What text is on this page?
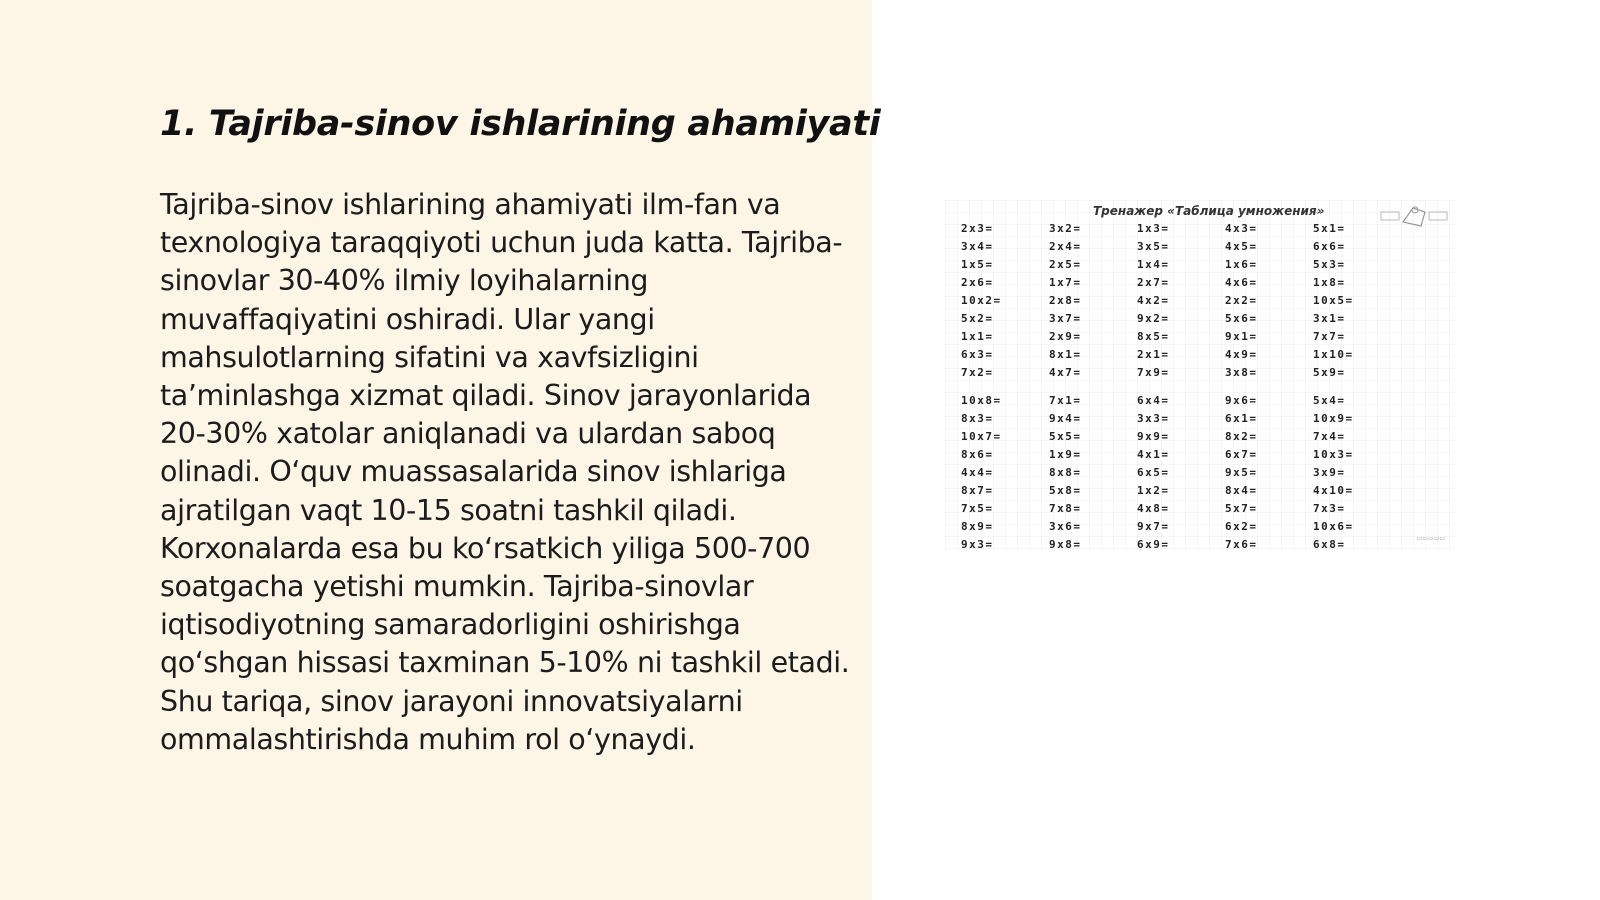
1. Tajriba-sinov ishlarining ahamiyati

Tajriba-sinov ishlarining ahamiyati ilm-fan va texnologiya taraqqiyoti uchun juda katta. Tajriba-sinovlar 30-40% ilmiy loyihalarning muvaffaqiyatini oshiradi. Ular yangi mahsulotlarning sifatini va xavfsizligini ta’minlashga xizmat qiladi. Sinov jarayonlarida 20-30% xatolar aniqlanadi va ulardan saboq olinadi. O‘quv muassasalarida sinov ishlariga ajratilgan vaqt 10-15 soatni tashkil qiladi. Korxonalarda esa bu ko‘rsatkich yiliga 500-700 soatgacha yetishi mumkin. Tajriba-sinovlar iqtisodiyotning samaradorligini oshirishga qo‘shgan hissasi taxminan 5-10% ni tashkil etadi. Shu tariqa, sinov jarayoni innovatsiyalarni ommalashtirishda muhim rol o‘ynaydi.

Тренажер «Таблица умножения»
2x3=
3x4=
1x5=
2x6=
10x2=
5x2=
1x1=
6x3=
7x2=
10x8=
8x3=
10x7=
8x6=
4x4=
8x7=
7x5=
8x9=
9x3=
3x2=
2x4=
2x5=
1x7=
2x8=
3x7=
2x9=
8x1=
4x7=
7x1=
9x4=
5x5=
1x9=
8x8=
5x8=
7x8=
3x6=
9x8=
1x3=
3x5=
1x4=
2x7=
4x2=
9x2=
8x5=
2x1=
7x9=
6x4=
3x3=
9x9=
4x1=
6x5=
1x2=
4x8=
9x7=
6x9=
4x3=
4x5=
1x6=
4x6=
2x2=
5x6=
9x1=
4x9=
3x8=
9x6=
6x1=
8x2=
6x7=
9x5=
8x4=
5x7=
6x2=
7x6=
5x1=
6x6=
5x3=
1x8=
10x5=
3x1=
7x7=
1x10=
5x9=
5x4=
10x9=
7x4=
10x3=
3x9=
4x10=
7x3=
10x6=
6x8=	▭▭▭▭▭
